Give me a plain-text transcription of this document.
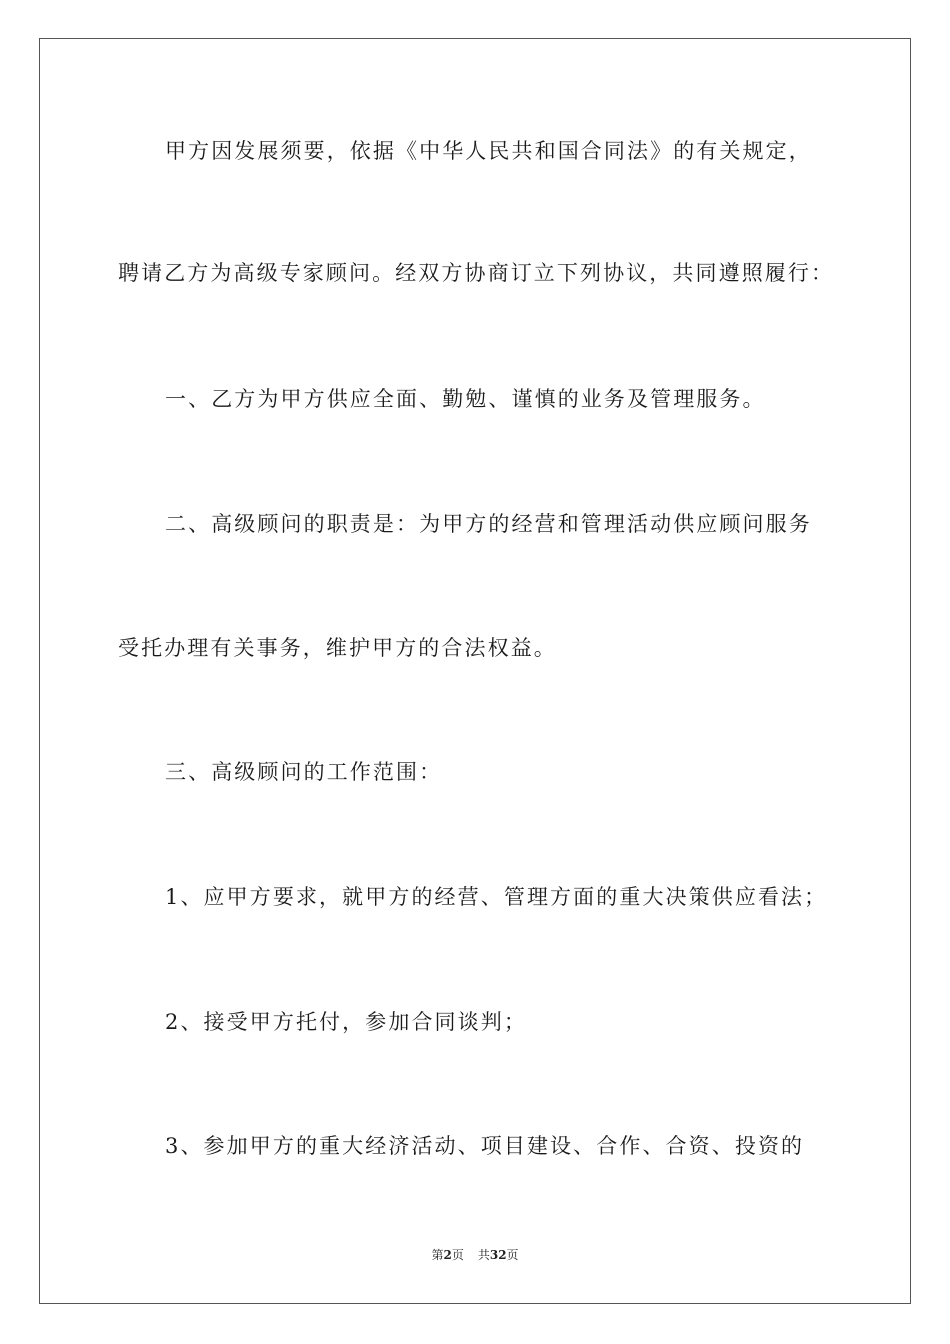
甲方因发展须要，依据《中华人民共和国合同法》的有关规定，
聘请乙方为高级专家顾问。经双方协商订立下列协议，共同遵照履行：
一、乙方为甲方供应全面、勤勉、谨慎的业务及管理服务。
二、高级顾问的职责是：为甲方的经营和管理活动供应顾问服务
受托办理有关事务，维护甲方的合法权益。
三、高级顾问的工作范围：
1、应甲方要求，就甲方的经营、管理方面的重大决策供应看法；
2、接受甲方托付，参加合同谈判；
3、参加甲方的重大经济活动、项目建设、合作、合资、投资的
第2页 共32页
